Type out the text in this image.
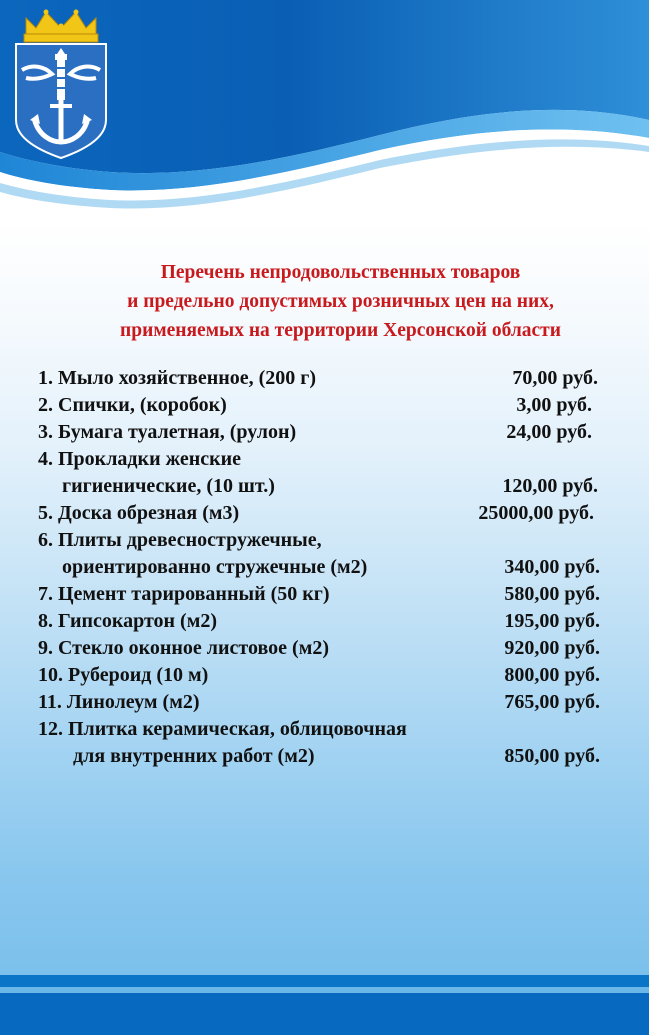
Перечень непродовольственных товаров
и предельно допустимых розничных цен на них,
применяемых на территории Херсонской области
1. Мыло хозяйственное, (200 г)	70,00 руб.
2. Спички, (коробок)	3,00 руб.
3. Бумага туалетная, (рулон)	24,00 руб.
4. Прокладки женские
гигиенические, (10 шт.)	120,00 руб.
5. Доска обрезная (м3)	25000,00 руб.
6. Плиты древесностружечные,
ориентированно стружечные (м2)	340,00 руб.
7. Цемент тарированный (50 кг)	580,00 руб.
8. Гипсокартон (м2)	195,00 руб.
9. Стекло оконное листовое (м2)	920,00 руб.
10. Рубероид (10 м)	800,00 руб.
11. Линолеум (м2)	765,00 руб.
12. Плитка керамическая, облицовочная
для внутренних работ (м2)	850,00 руб.
